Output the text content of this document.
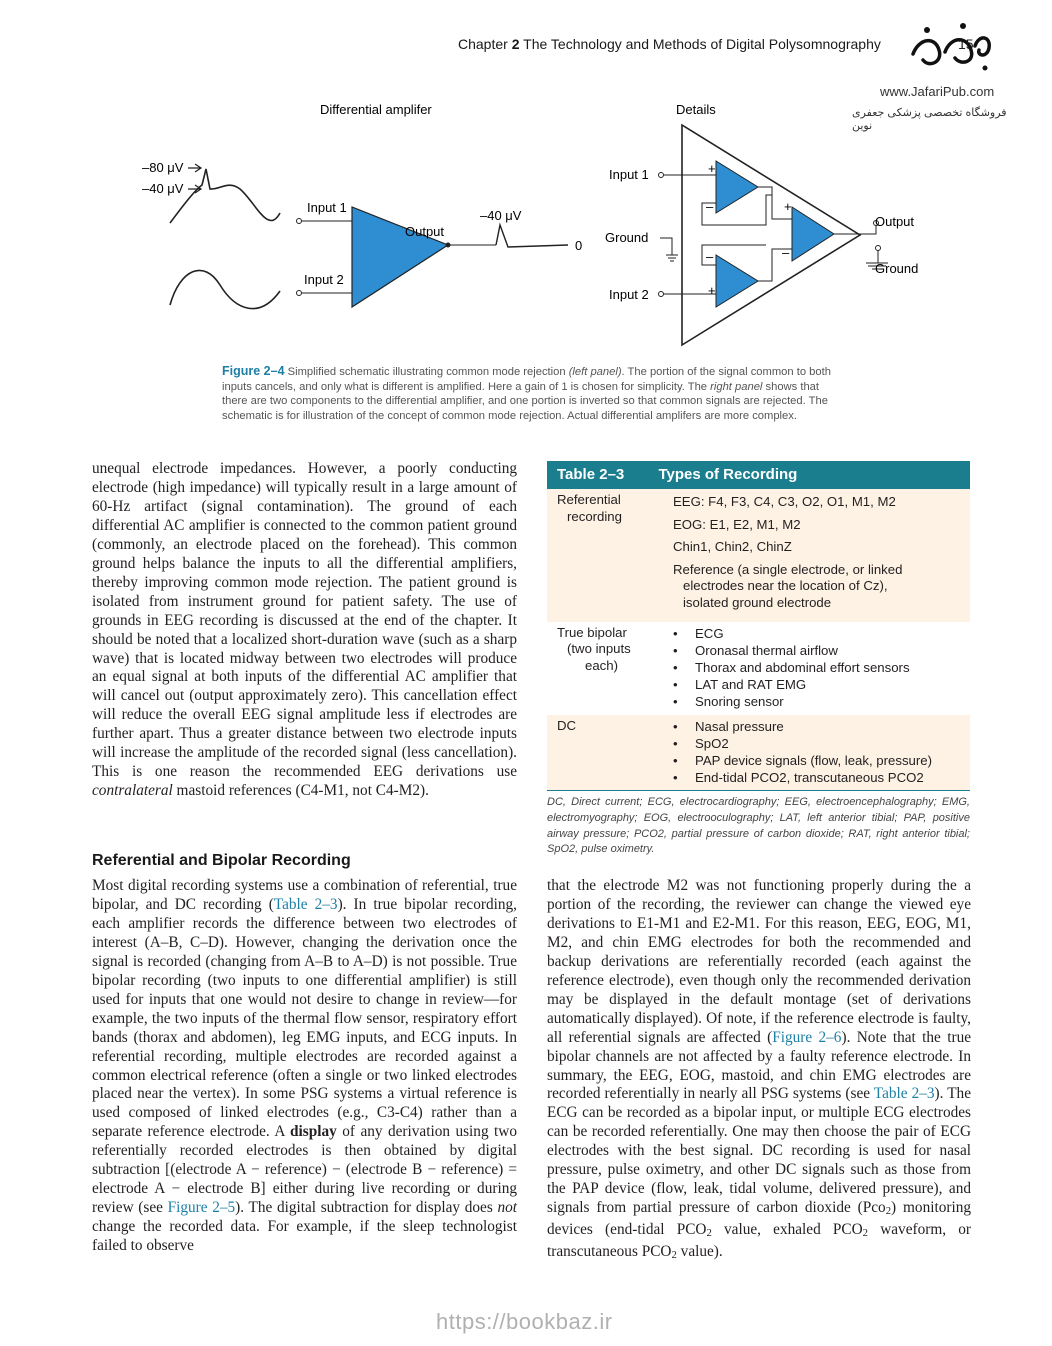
Chapter 2 The Technology and Methods of Digital Polysomnography	15
www.JafariPub.com
فروشگاه تخصصی پزشکی جعفری نوین
Differential amplifer
–80 μV
–40 μV
Input 1
Input 2
Output
–40 μV
0
Details
Input 1
Ground
Input 2
+
–
–
+
+
–
Output
Ground
Figure 2–4 Simplified schematic illustrating common mode rejection (left panel). The portion of the signal common to both inputs cancels, and only what is different is amplified. Here a gain of 1 is chosen for simplicity. The right panel shows that there are two components to the differential amplifier, and one portion is inverted so that common signals are rejected. The schematic is for illustration of the concept of common mode rejection. Actual differential amplifers are more complex.
unequal electrode impedances. However, a poorly conducting electrode (high impedance) will typically result in a large amount of 60-Hz artifact (signal contamination). The ground of each differential AC amplifier is connected to the common patient ground (commonly, an electrode placed on the forehead). This common ground helps balance the inputs to all the differential amplifiers, thereby improving common mode rejection. The patient ground is isolated from instrument ground for patient safety. The use of grounds in EEG recording is discussed at the end of the chapter. It should be noted that a localized short-duration wave (such as a sharp wave) that is located midway between two electrodes will produce an equal signal at both inputs of the differential AC amplifier that will cancel out (output approximately zero). This cancellation effect will reduce the overall EEG signal amplitude less if electrodes are further apart. Thus a greater distance between two electrode inputs will increase the amplitude of the recorded signal (less cancellation). This is one reason the recommended EEG derivations use contralateral mastoid references (C4-M1, not C4-M2).
Referential and Bipolar Recording
Most digital recording systems use a combination of referential, true bipolar, and DC recording (Table 2–3). In true bipolar recording, each amplifier records the difference between two electrodes of interest (A–B, C–D). However, changing the derivation once the signal is recorded (changing from A–B to A–D) is not possible. True bipolar recording (two inputs to one differential amplifier) is still used for inputs that one would not desire to change in review—for example, the two inputs of the thermal flow sensor, respiratory effort bands (thorax and abdomen), leg EMG inputs, and ECG inputs. In referential recording, multiple electrodes are recorded against a common electrical reference (often a single or two linked electrodes placed near the vertex). In some PSG systems a virtual reference is used composed of linked electrodes (e.g., C3-C4) rather than a separate reference electrode. A display of any derivation using two referentially recorded electrodes is then obtained by digital subtraction [(electrode A − reference) − (electrode B − reference) = electrode A − electrode B] either during live recording or during review (see Figure 2–5). The digital subtraction for display does not change the recorded data. For example, if the sleep technologist failed to observe
that the electrode M2 was not functioning properly during the a portion of the recording, the reviewer can change the viewed eye derivations to E1-M1 and E2-M1. For this reason, EEG, EOG, M1, M2, and chin EMG electrodes for both the recommended and backup derivations are referentially recorded (each against the reference electrode), even though only the recommended derivation may be displayed in the default montage (set of derivations automatically displayed). Of note, if the reference electrode is faulty, all referential signals are affected (Figure 2–6). Note that the true bipolar channels are not affected by a faulty reference electrode. In summary, the EEG, EOG, mastoid, and chin EMG electrodes are recorded referentially in nearly all PSG systems (see Table 2–3). The ECG can be recorded as a bipolar input, or multiple ECG electrodes can be recorded referentially. One may then choose the pair of ECG electrodes with the best signal. DC recording is used for nasal pressure, pulse oximetry, and other DC signals such as those from the PAP device (flow, leak, tidal volume, delivered pressure), and signals from partial pressure of carbon dioxide (Pco$_2$) monitoring devices (end-tidal $PCO_2$ value, exhaled $PCO_2$ waveform, or transcutaneous $PCO_2$ value).
Table 2–3 Types of Recording
Referential
recording
EEG: F4, F3, C4, C3, O2, O1, M1, M2
EOG: E1, E2, M1, M2
Chin1, Chin2, ChinZ
Reference (a single electrode, or linked
electrodes near the location of Cz),
isolated ground electrode
True bipolar
(two inputs
each)
• ECG
• Oronasal thermal airflow
• Thorax and abdominal effort sensors
• LAT and RAT EMG
• Snoring sensor
DC	• Nasal pressure
• SpO2
• PAP device signals (flow, leak, pressure)
• End-tidal PCO2, transcutaneous PCO2
DC, Direct current; ECG, electrocardiography; EEG, electroencephalography; EMG, electromyography; EOG, electrooculography; LAT, left anterior tibial; PAP, positive airway pressure; PCO2, partial pressure of carbon dioxide; RAT, right anterior tibial; SpO2, pulse oximetry.
https://bookbaz.ir
